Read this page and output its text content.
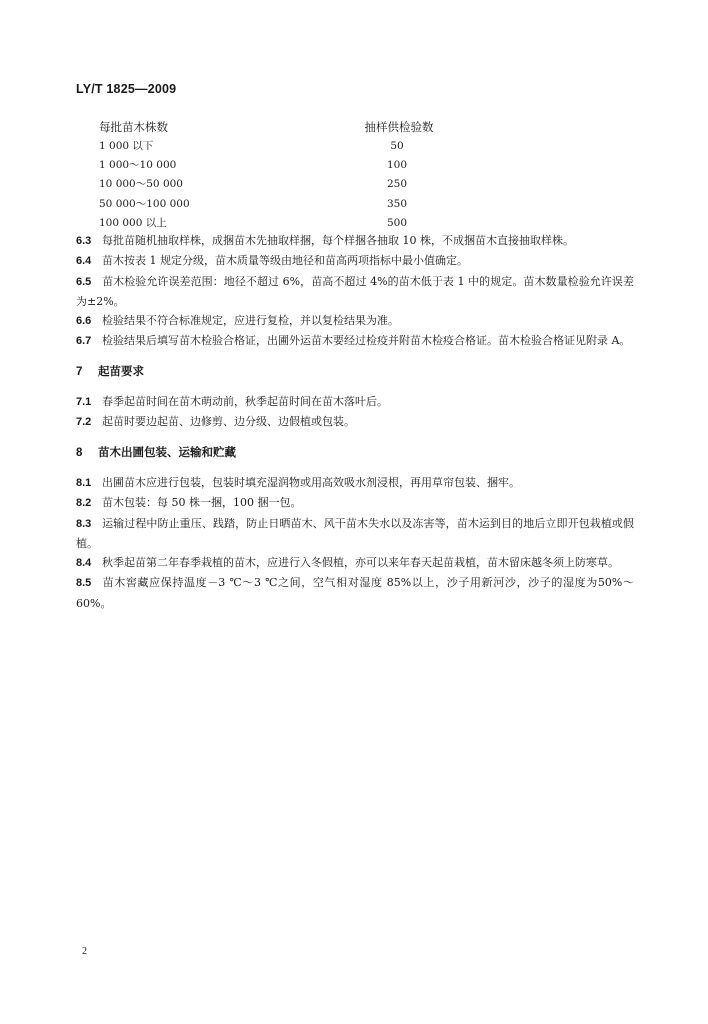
LY/T 1825—2009
每批苗木株数	抽样供检验数
1 000 以下	50
1 000～10 000	100
10 000～50 000	250
50 000～100 000	350
100 000 以上	500

6.3 每批苗随机抽取样株，成捆苗木先抽取样捆，每个样捆各抽取 10 株，不成捆苗木直接抽取样株。

6.4 苗木按表 1 规定分级，苗木质量等级由地径和苗高两项指标中最小值确定。

6.5 苗木检验允许误差范围：地径不超过 6%，苗高不超过 4%的苗木低于表 1 中的规定。苗木数量检验允许误差为±2%。

6.6 检验结果不符合标准规定，应进行复检，并以复检结果为准。

6.7 检验结果后填写苗木检验合格证，出圃外运苗木要经过检疫并附苗木检疫合格证。苗木检验合格证见附录 A。

7 起苗要求

7.1 春季起苗时间在苗木萌动前，秋季起苗时间在苗木落叶后。

7.2 起苗时要边起苗、边修剪、边分级、边假植或包装。

8 苗木出圃包装、运输和贮藏

8.1 出圃苗木应进行包装，包装时填充湿润物或用高效吸水剂浸根，再用草帘包装、捆牢。

8.2 苗木包装：每 50 株一捆，100 捆一包。

8.3 运输过程中防止重压、践踏，防止日晒苗木、风干苗木失水以及冻害等，苗木运到目的地后立即开包栽植或假植。

8.4 秋季起苗第二年春季栽植的苗木，应进行入冬假植，亦可以来年春天起苗栽植，苗木留床越冬须上防寒草。

8.5 苗木窖藏应保持温度－3 ℃～3 ℃之间，空气相对湿度 85%以上，沙子用新河沙，沙子的湿度为50%～60%。

2
